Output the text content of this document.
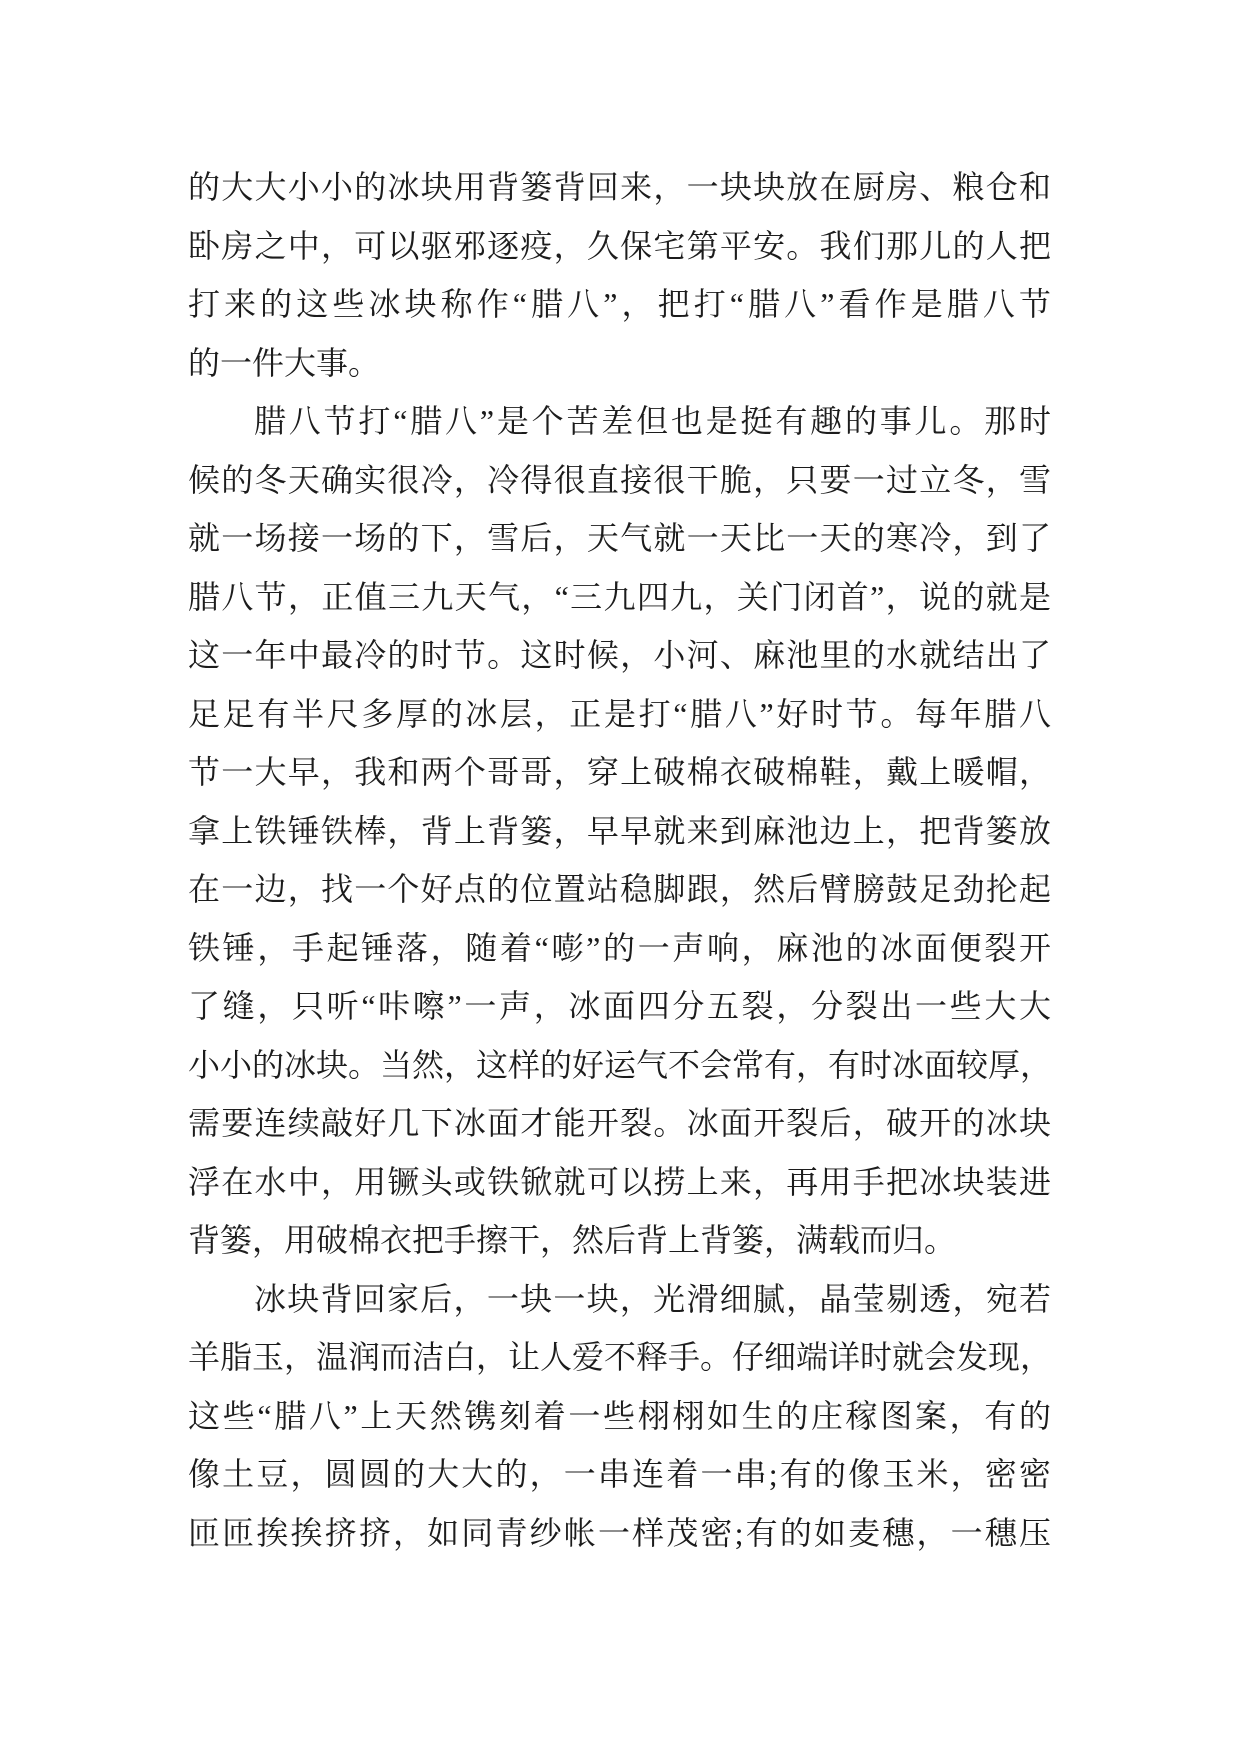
的大大小小的冰块用背篓背回来，一块块放在厨房、粮仓和
卧房之中，可以驱邪逐疫，久保宅第平安。我们那儿的人把
打来的这些冰块称作“腊八”，把打“腊八”看作是腊八节
的一件大事。
腊八节打“腊八”是个苦差但也是挺有趣的事儿。那时
候的冬天确实很冷，冷得很直接很干脆，只要一过立冬，雪
就一场接一场的下，雪后，天气就一天比一天的寒冷，到了
腊八节，正值三九天气，“三九四九，关门闭首”，说的就是
这一年中最冷的时节。这时候，小河、麻池里的水就结出了
足足有半尺多厚的冰层，正是打“腊八”好时节。每年腊八
节一大早，我和两个哥哥，穿上破棉衣破棉鞋，戴上暖帽，
拿上铁锤铁棒，背上背篓，早早就来到麻池边上，把背篓放
在一边，找一个好点的位置站稳脚跟，然后臂膀鼓足劲抡起
铁锤，手起锤落，随着“嘭”的一声响，麻池的冰面便裂开
了缝，只听“咔嚓”一声，冰面四分五裂，分裂出一些大大
小小的冰块。当然，这样的好运气不会常有，有时冰面较厚，
需要连续敲好几下冰面才能开裂。冰面开裂后，破开的冰块
浮在水中，用镢头或铁锨就可以捞上来，再用手把冰块装进
背篓，用破棉衣把手擦干，然后背上背篓，满载而归。
冰块背回家后，一块一块，光滑细腻，晶莹剔透，宛若
羊脂玉，温润而洁白，让人爱不释手。仔细端详时就会发现，
这些“腊八”上天然镌刻着一些栩栩如生的庄稼图案，有的
像土豆，圆圆的大大的，一串连着一串;有的像玉米，密密
匝匝挨挨挤挤，如同青纱帐一样茂密;有的如麦穗，一穗压
